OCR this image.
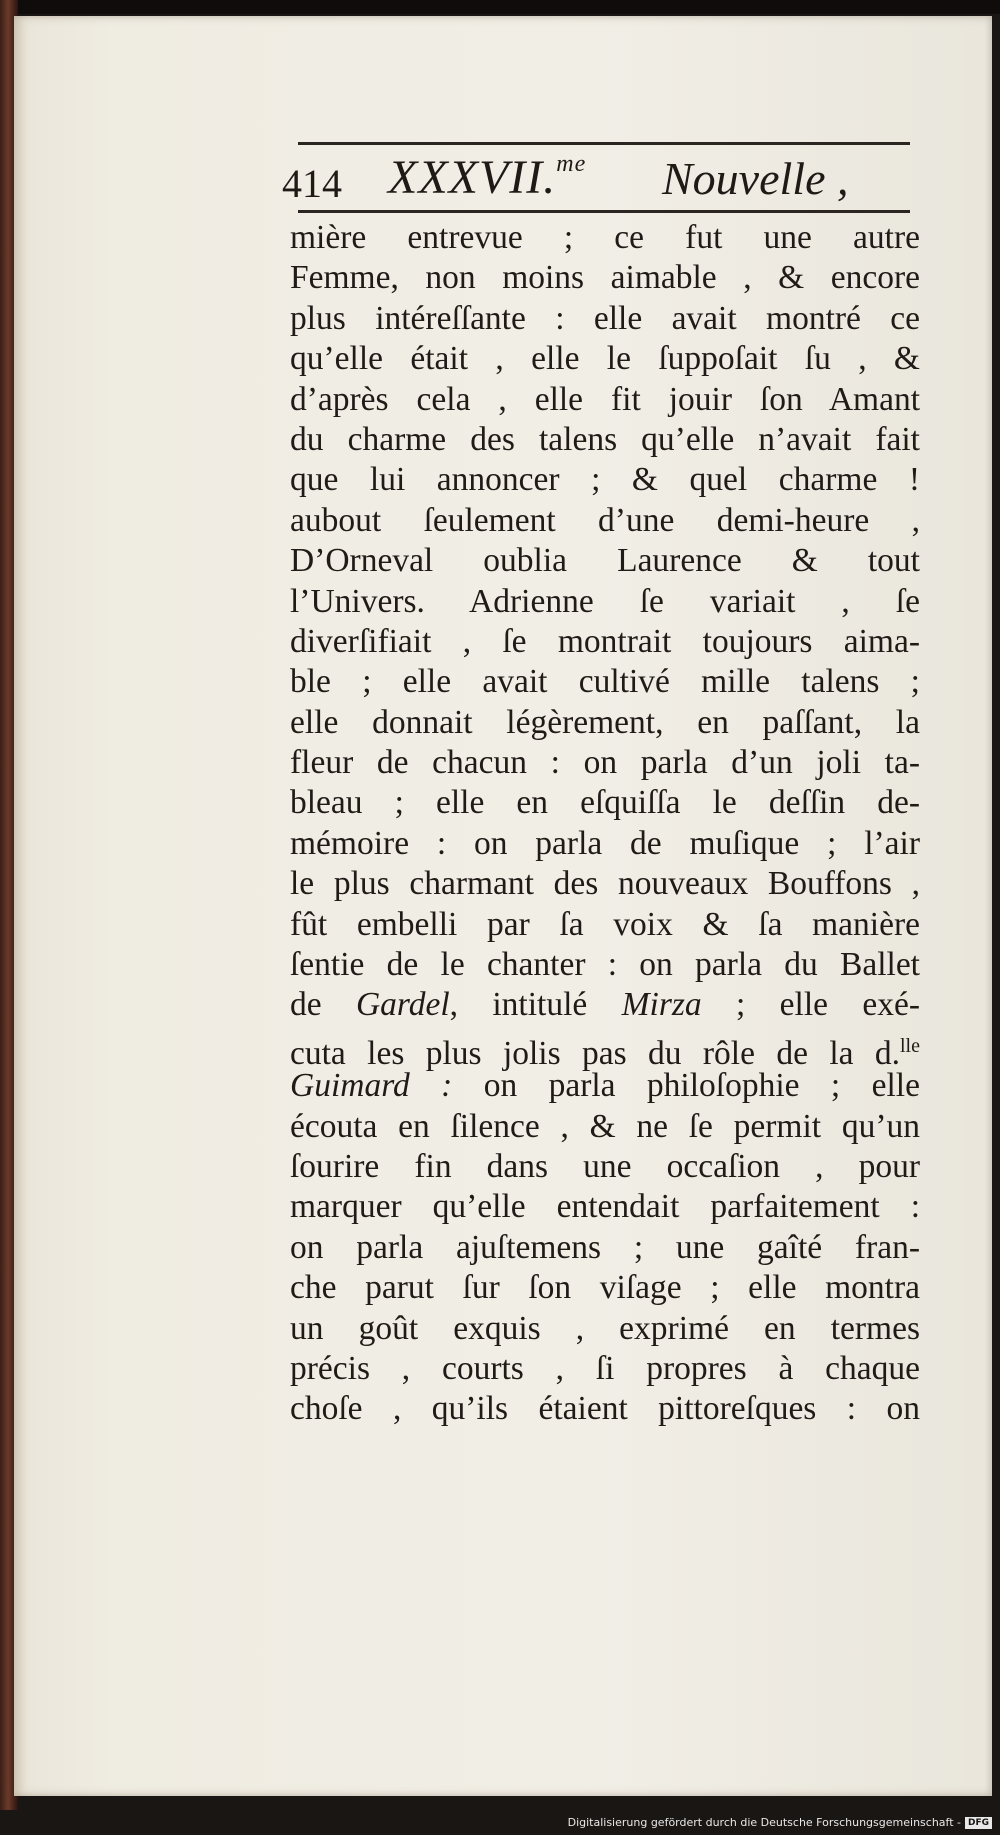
414 XXXVII.$^{me}$ Nouvelle ,
mière entrevue ; ce fut une autre
Femme, non moins aimable , & encore
plus intéreſſante : elle avait montré ce
qu’elle était , elle le ſuppoſait ſu , &
d’après cela , elle fit jouir ſon Amant
du charme des talens qu’elle n’avait fait
que lui annoncer ; & quel charme !
aubout ſeulement d’une demi-heure ,
D’Orneval oublia Laurence & tout
l’Univers. Adrienne ſe variait , ſe
diverſifiait , ſe montrait toujours aima-
ble ; elle avait cultivé mille talens ;
elle donnait légèrement, en paſſant, la
fleur de chacun : on parla d’un joli ta-
bleau ; elle en eſquiſſa le deſſin de-
mémoire : on parla de muſique ; l’air
le plus charmant des nouveaux Bouffons ,
fût embelli par ſa voix & ſa manière
ſentie de le chanter : on parla du Ballet
de Gardel, intitulé Mirza ; elle exé-
cuta les plus jolis pas du rôle de la d.$^{lle}$
Guimard : on parla philoſophie ; elle
écouta en ſilence , & ne ſe permit qu’un
ſourire fin dans une occaſion , pour
marquer qu’elle entendait parfaitement :
on parla ajuſtemens ; une gaîté fran-
che parut ſur ſon viſage ; elle montra
un goût exquis , exprimé en termes
précis , courts , ſi propres à chaque
choſe , qu’ils étaient pittoreſques : on
Digitalisierung gefördert durch die Deutsche Forschungsgemeinschaft - DFG
